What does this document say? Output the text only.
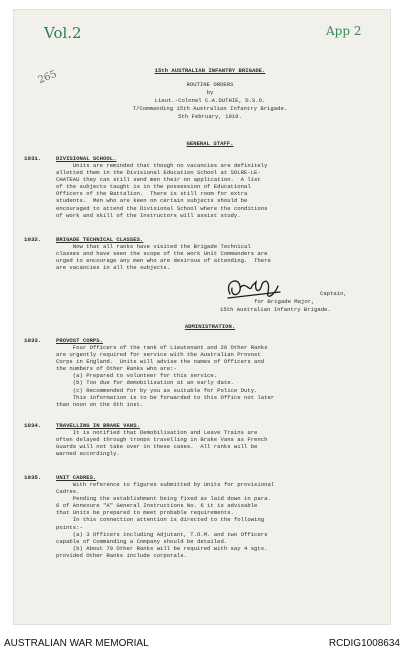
Vol.2	App 2
265	15th AUSTRALIAN INFANTRY BRIGADE.
ROUTINE ORDERS
by
Lieut.-Colonel C.A.DUTHIE, D.S.O.
T/Commanding 15th Australian Infantry Brigade.
5th February, 1919.
GENERAL STAFF.
1031.	DIVISIONAL SCHOOL.
Units are reminded that though no vacancies are definitely
allotted them in the Divisional Education School at SOLRE-LE-
CHATEAU they can still send men their on application.  A list
of the subjects taught is in the possession of Educational
Officers of the Battalion.  There is still room for extra
students.  Men who are keen on certain subjects should be
encouraged to attend the Divisional School where the conditions
of work and skill of the Instructors will assist study.
1032.	BRIGADE TECHNICAL CLASSES.
Now that all ranks have visited the Brigade Technical
classes and have seen the scope of the work Unit Commanders are
urged to encourage any men who are desirous of attending.  There
are vacancies in all the subjects.
Captain,
for Brigade Major,
15th Australian Infantry Brigade.
ADMINISTRATION.
1033.	PROVOST CORPS.
Four Officers of the rank of Lieutenant and 20 Other Ranks
are urgently required for service with the Australian Provost
Corps in England.  Units will advise the names of Officers and
the numbers of Other Ranks who are:-
(a) Prepared to volunteer for this service.
(b) Too due for demobilisation at an early date.
(c) Recommended for by you as suitable for Police Duty.
This information is to be forwarded to this Office not later
than noon on the 6th inst.
1034.	TRAVELLING IN BRAKE VANS.
It is notified that Demobilisation and Leave Trains are
often delayed through troops travelling in Brake Vans as French
Guards will not take over in these cases.  All ranks will be
warned accordingly.
1035.	UNIT CADRES.
With reference to figures submitted by Units for provisional
Cadres.
Pending the establishment being fixed as laid down in para.
6 of Annexure "A" General Instructions No. 6 it is advisable
that Units be prepared to meet probable requirements.
In this connection attention is directed to the following
points:-
(a) 3 Officers including Adjutant, T.O.M. and two Officers
capable of Commanding a Company should be detailed.
(b) About 70 Other Ranks will be required with say 4 sgts.
provided Other Ranks include corporals.
AUSTRALIAN WAR MEMORIAL	RCDIG1008634
